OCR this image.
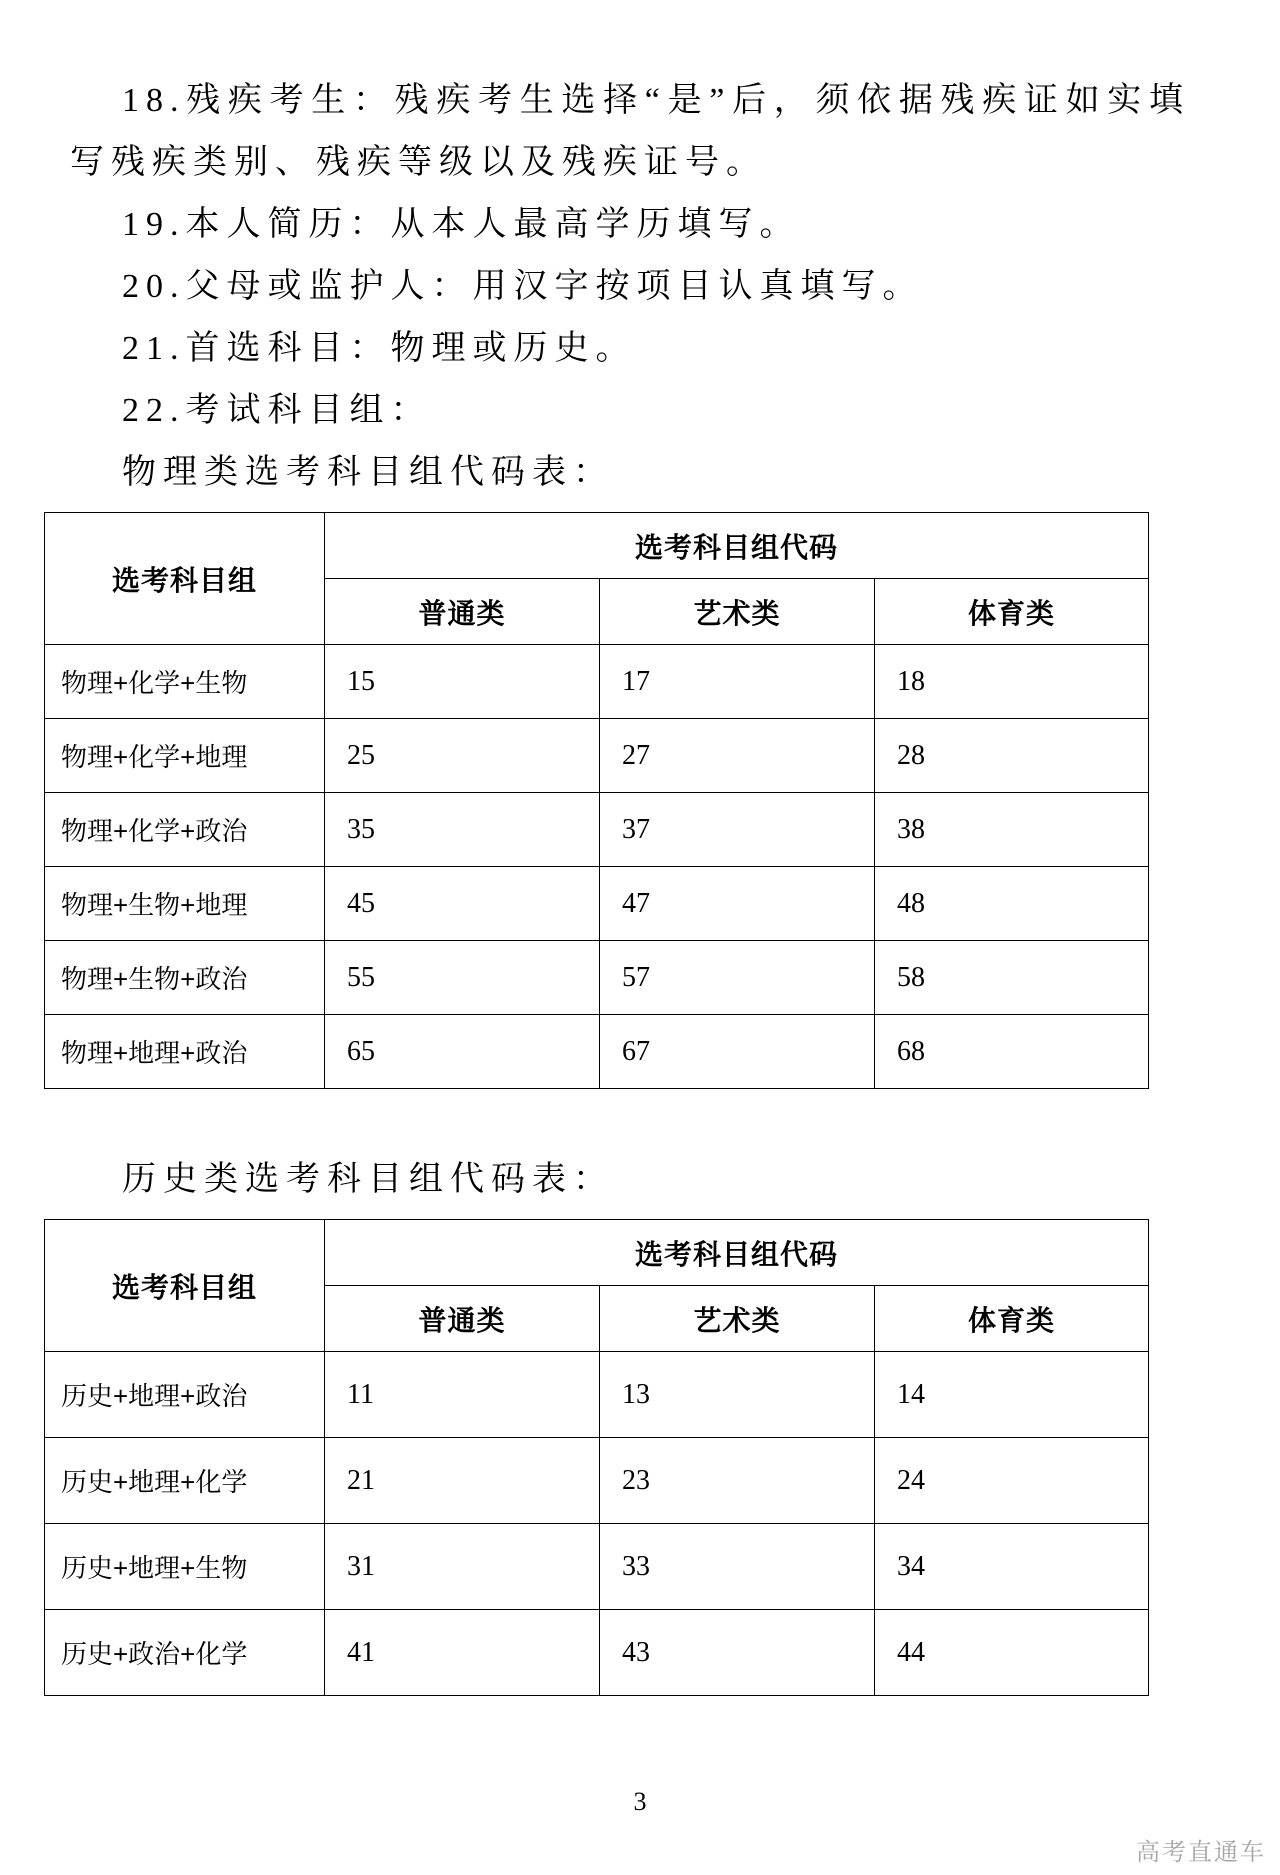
18.残疾考生：残疾考生选择“是”后，须依据残疾证如实填写残疾类别、残疾等级以及残疾证号。

19.本人简历：从本人最高学历填写。

20.父母或监护人：用汉字按项目认真填写。

21.首选科目：物理或历史。

22.考试科目组：

物理类选考科目组代码表：

选考科目组	选考科目组代码		
	普通类	艺术类	体育类
物理+化学+生物	15	17	18
物理+化学+地理	25	27	28
物理+化学+政治	35	37	38
物理+生物+地理	45	47	48
物理+生物+政治	55	57	58
物理+地理+政治	65	67	68

历史类选考科目组代码表：

选考科目组	选考科目组代码		
	普通类	艺术类	体育类
历史+地理+政治	11	13	14
历史+地理+化学	21	23	24
历史+地理+生物	31	33	34
历史+政治+化学	41	43	44
3
高考直通车
